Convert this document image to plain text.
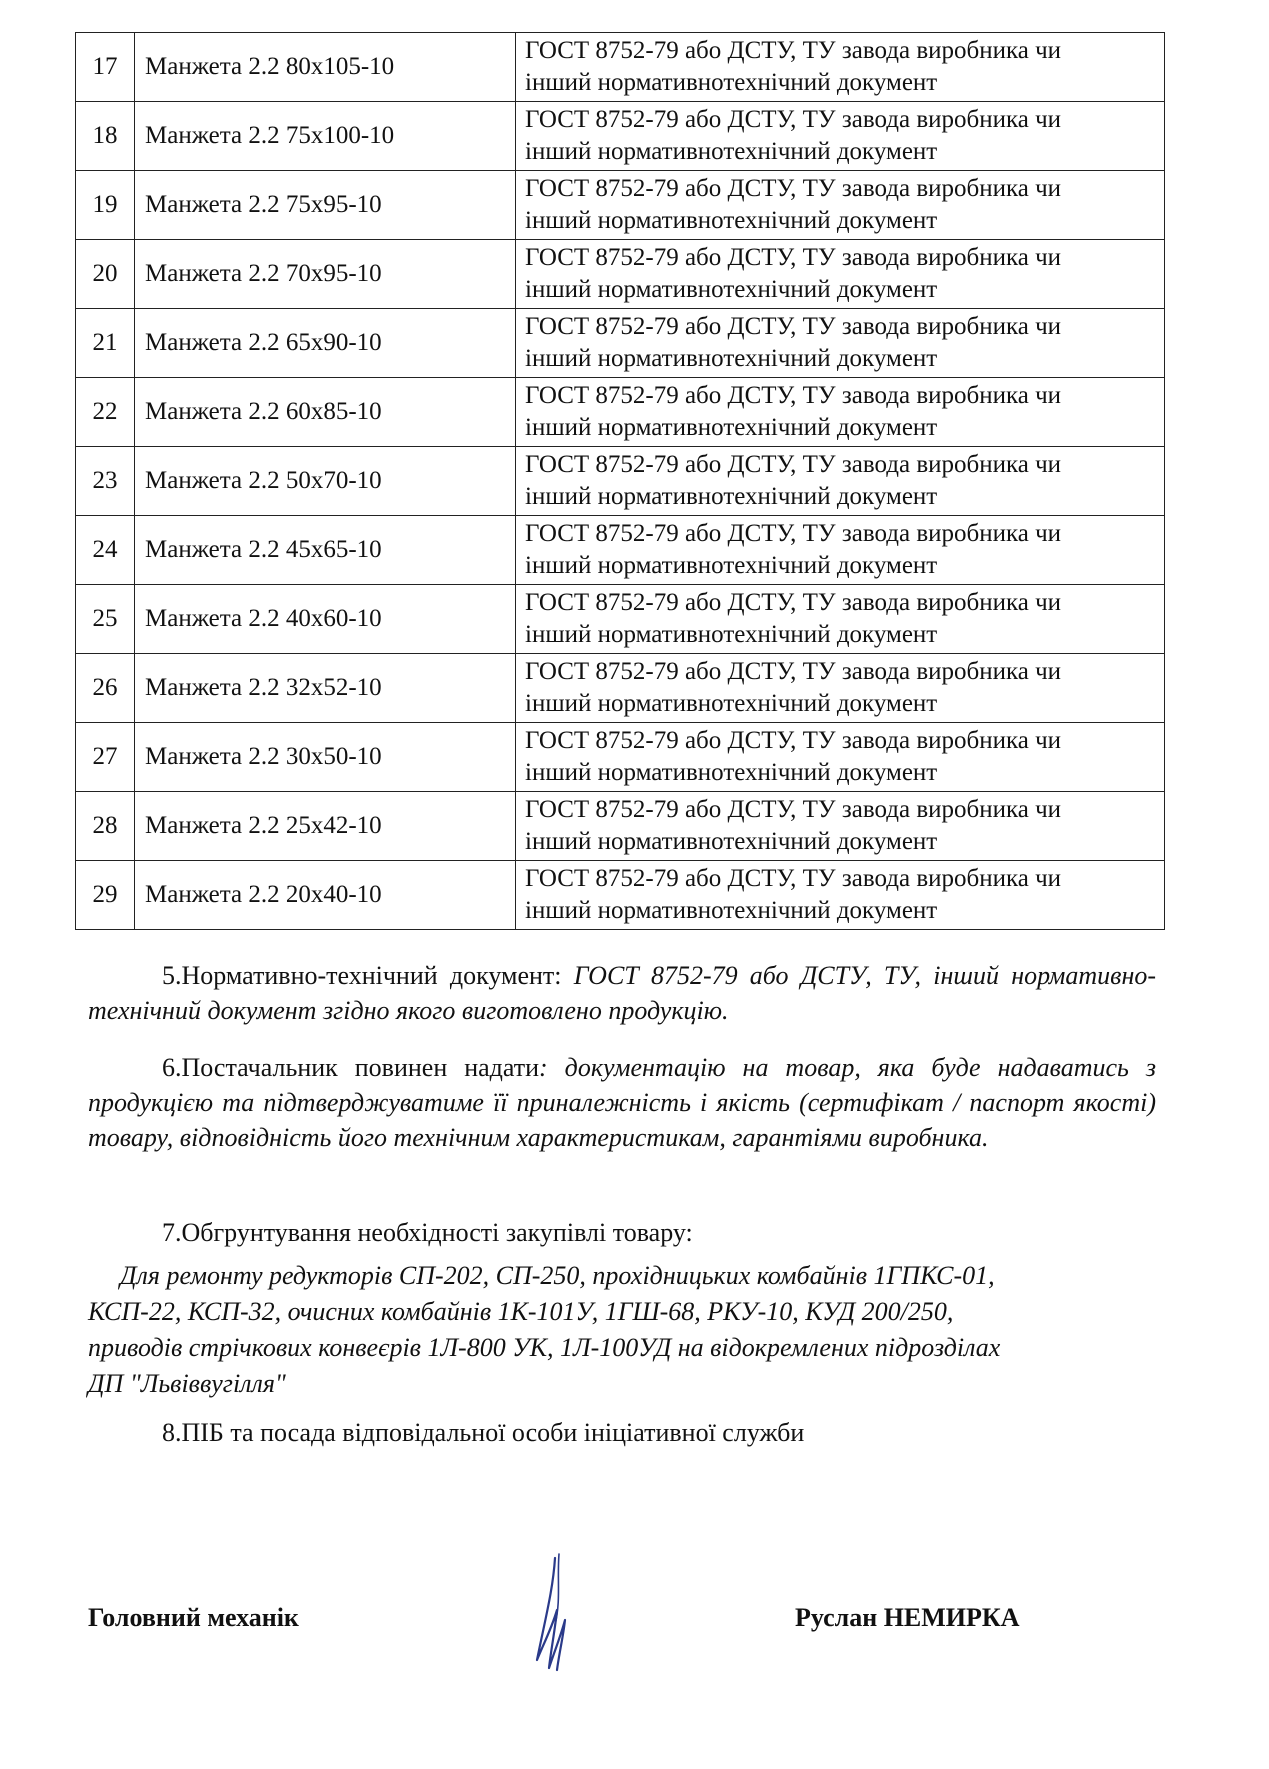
17	Манжета 2.2 80х105-10	ГОСТ 8752-79 або ДСТУ, ТУ завода виробника чи
інший нормативнотехнічний документ

18	Манжета 2.2 75х100-10	ГОСТ 8752-79 або ДСТУ, ТУ завода виробника чи
інший нормативнотехнічний документ

19	Манжета 2.2 75х95-10	ГОСТ 8752-79 або ДСТУ, ТУ завода виробника чи
інший нормативнотехнічний документ

20	Манжета 2.2 70х95-10	ГОСТ 8752-79 або ДСТУ, ТУ завода виробника чи
інший нормативнотехнічний документ

21	Манжета 2.2 65х90-10	ГОСТ 8752-79 або ДСТУ, ТУ завода виробника чи
інший нормативнотехнічний документ

22	Манжета 2.2 60х85-10	ГОСТ 8752-79 або ДСТУ, ТУ завода виробника чи
інший нормативнотехнічний документ

23	Манжета 2.2 50х70-10	ГОСТ 8752-79 або ДСТУ, ТУ завода виробника чи
інший нормативнотехнічний документ

24	Манжета 2.2 45х65-10	ГОСТ 8752-79 або ДСТУ, ТУ завода виробника чи
інший нормативнотехнічний документ

25	Манжета 2.2 40х60-10	ГОСТ 8752-79 або ДСТУ, ТУ завода виробника чи
інший нормативнотехнічний документ

26	Манжета 2.2 32х52-10	ГОСТ 8752-79 або ДСТУ, ТУ завода виробника чи
інший нормативнотехнічний документ

27	Манжета 2.2 30х50-10	ГОСТ 8752-79 або ДСТУ, ТУ завода виробника чи
інший нормативнотехнічний документ

28	Манжета 2.2 25х42-10	ГОСТ 8752-79 або ДСТУ, ТУ завода виробника чи
інший нормативнотехнічний документ

29	Манжета 2.2 20х40-10	ГОСТ 8752-79 або ДСТУ, ТУ завода виробника чи
інший нормативнотехнічний документ
5.Нормативно-технічний документ: ГОСТ 8752-79 або ДСТУ, ТУ, інший нормативно-технічний документ згідно якого виготовлено продукцію.
6.Постачальник повинен надати: документацію на товар, яка буде надаватись з продукцією та підтверджуватиме її приналежність і якість (сертифікат / паспорт якості) товару, відповідність його технічним характеристикам, гарантіями виробника.
7.Обгрунтування необхідності закупівлі товару:
Для ремонту редукторів СП-202, СП-250, прохідницьких комбайнів 1ГПКС-01,
КСП-22, КСП-32, очисних комбайнів 1К-101У, 1ГШ-68, РКУ-10, КУД 200/250,
приводів стрічкових конвеєрів 1Л-800 УК, 1Л-100УД на відокремлених підрозділах
ДП "Львіввугілля"
8.ПІБ та посада відповідальної особи ініціативної служби
Головний механік	Руслан НЕМИРКА
